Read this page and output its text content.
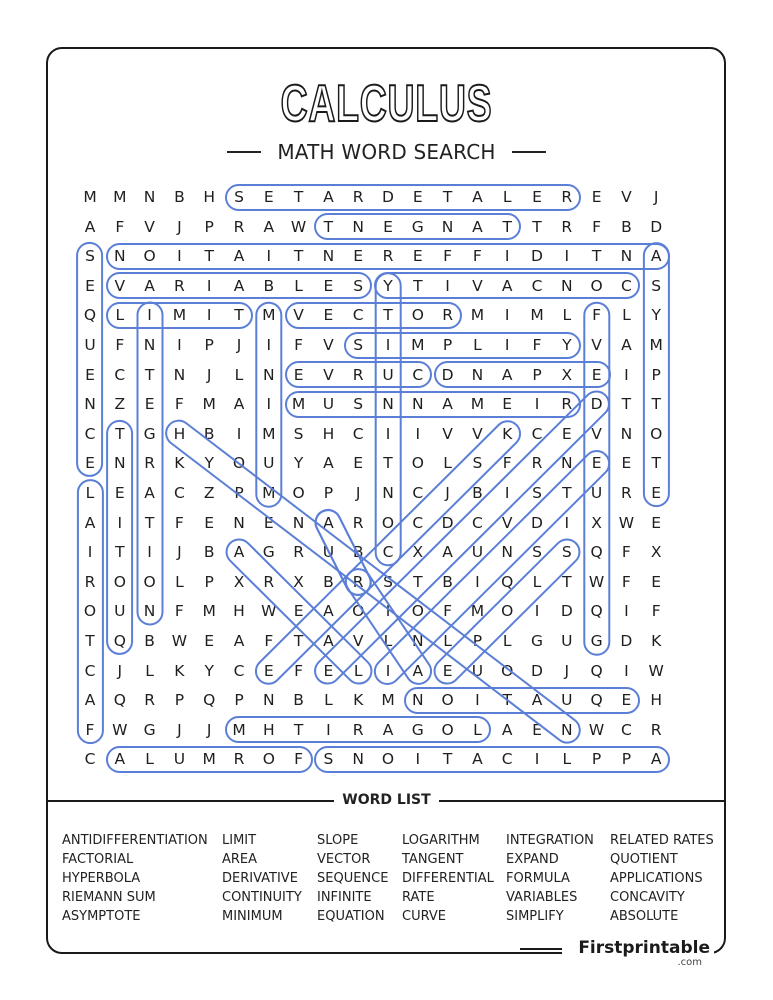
CALCULUS
MATH WORD SEARCH
M	M	N	B	H	S	E	T	A	R	D	E	T	A	L	E	R	E	V	J
A	F	V	J	P	R	A	W	T	N	E	G	N	A	T	T	R	F	B	D
S	N	O	I	T	A	I	T	N	E	R	E	F	F	I	D	I	T	N	A
E	V	A	R	I	A	B	L	E	S	Y	T	I	V	A	C	N	O	C	S
Q	L	I	M	I	T	M	V	E	C	T	O	R	M	I	M	L	F	L	Y
U	F	N	I	P	J	I	F	V	S	I	M	P	L	I	F	Y	V	A	M
E	C	T	N	J	L	N	E	V	R	U	C	D	N	A	P	X	E	I	P
N	Z	E	F	M	A	I	M	U	S	N	N	A	M	E	I	R	D	T	T
C	T	G	H	B	I	M	S	H	C	I	I	V	V	K	C	E	V	N	O
E	N	R	K	Y	O	U	Y	A	E	T	O	L	S	F	R	N	E	E	T
L	E	A	C	Z	P	M	O	P	J	N	C	J	B	I	S	T	U	R	E
A	I	T	F	E	N	E	N	A	R	O	C	D	C	V	D	I	X	W	E
I	T	I	J	B	A	G	R	U	B	C	X	A	U	N	S	S	Q	F	X
R	O	O	L	P	X	R	X	B	R	S	T	B	I	Q	L	T	W	F	E
O	U	N	F	M	H	W	E	A	O	I	O	F	M	O	I	D	Q	I	F
T	Q	B	W	E	A	F	T	A	V	L	N	L	P	L	G	U	G	D	K
C	J	L	K	Y	C	E	F	E	L	I	A	E	U	O	D	J	Q	I	W
A	Q	R	P	Q	P	N	B	L	K	M	N	O	I	T	A	U	Q	E	H
F	W	G	J	J	M	H	T	I	R	A	G	O	L	A	E	N	W	C	R
C	A	L	U	M	R	O	F	S	N	O	I	T	A	C	I	L	P	P	A
WORD LIST
ANTIDIFFERENTIATION
FACTORIAL
HYPERBOLA
RIEMANN SUM
ASYMPTOTE
LIMIT
AREA
DERIVATIVE
CONTINUITY
MINIMUM
SLOPE
VECTOR
SEQUENCE
INFINITE
EQUATION
LOGARITHM
TANGENT
DIFFERENTIAL
RATE
CURVE
INTEGRATION
EXPAND
FORMULA
VARIABLES
SIMPLIFY
RELATED RATES
QUOTIENT
APPLICATIONS
CONCAVITY
ABSOLUTE
Firstprintable
.com
